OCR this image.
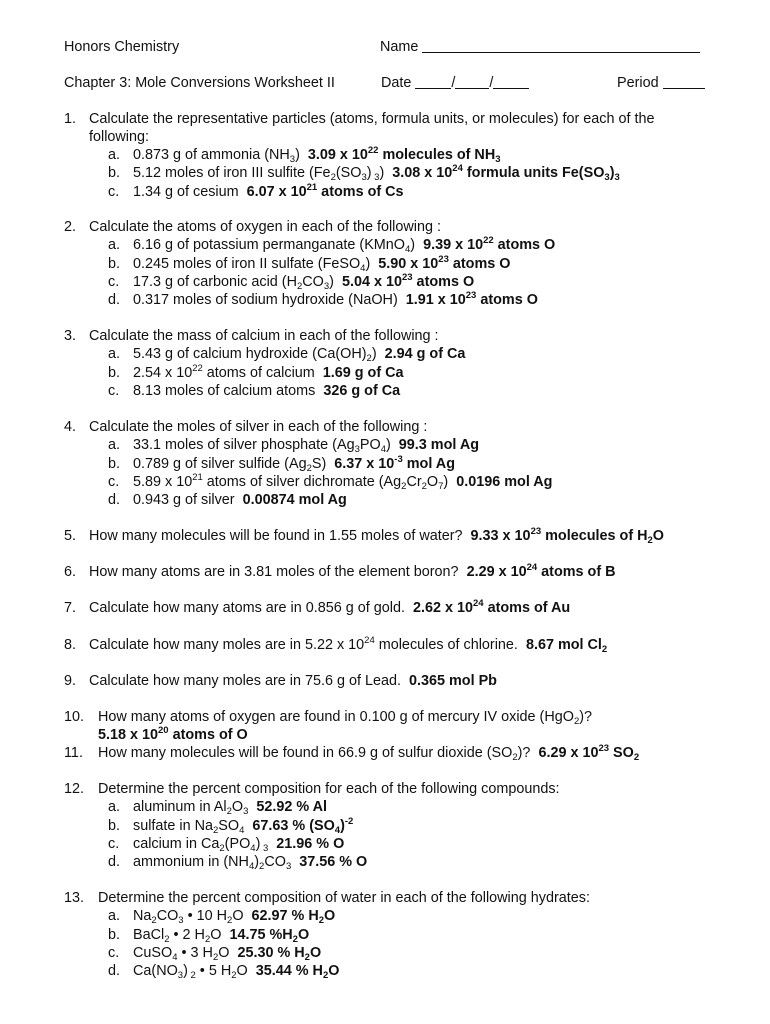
Honors Chemistry	Name
Chapter 3: Mole Conversions Worksheet II	Date	/ /	Period
1. Calculate the representative particles (atoms, formula units, or molecules) for each of the
following:
a. 0.873 g of ammonia $(NH_3)$ 3.09 x $10^{22}$ molecules of $NH_3$
b. 5.12 moles of iron III sulfite ($Fe_2(SO_3)$ $_3$) 3.08 x $10^{24}$ formula units $Fe(SO_3)_3$
c. 1.34 g of cesium 6.07 x $10^{21}$ atoms of Cs
2. Calculate the atoms of oxygen in each of the following :
a. 6.16 g of potassium permanganate (KMnO$_4$) 9.39 x $10^{22}$ atoms O
b. 0.245 moles of iron II sulfate (FeSO$_4$) 5.90 x $10^{23}$ atoms O
c. 17.3 g of carbonic acid $(H_2CO_3)$ 5.04 x $10^{23}$ atoms O
d. 0.317 moles of sodium hydroxide (NaOH) 1.91 x $10^{23}$ atoms O
3. Calculate the mass of calcium in each of the following :
a. 5.43 g of calcium hydroxide $(Ca(OH)_2)$ 2.94 g of Ca
b. 2.54 x $10^{22}$ atoms of calcium 1.69 g of Ca
c. 8.13 moles of calcium atoms 326 g of Ca
4. Calculate the moles of silver in each of the following :
a. 33.1 moles of silver phosphate $(Ag_3PO_4)$ 99.3 mol Ag
b. 0.789 g of silver sulfide $(Ag_2S)$ 6.37 x $10^{-3}$ mol Ag
c. 5.89 x $10^{21}$ atoms of silver dichromate $(Ag_2Cr_2O_7)$ 0.0196 mol Ag
d. 0.943 g of silver 0.00874 mol Ag
5. How many molecules will be found in 1.55 moles of water? 9.33 x $10^{23}$ molecules of $H_2O$
6. How many atoms are in 3.81 moles of the element boron? 2.29 x $10^{24}$ atoms of B
7. Calculate how many atoms are in 0.856 g of gold. 2.62 x $10^{24}$ atoms of Au
8. Calculate how many moles are in 5.22 x $10^{24}$ molecules of chlorine. 8.67 mol $Cl_2$
9. Calculate how many moles are in 75.6 g of Lead. 0.365 mol Pb
10. How many atoms of oxygen are found in 0.100 g of mercury IV oxide (HgO$_2$)?
5.18 x $10^{20}$ atoms of O
11. How many molecules will be found in 66.9 g of sulfur dioxide $(SO_2)$? 6.29 x $10^{23}$ $SO_2$
12. Determine the percent composition for each of the following compounds:
a. aluminum in $Al_2O_3$ 52.92 % Al
b. sulfate in $Na_2SO_4$ 67.63 % $(SO_4)^{-2}$
c. calcium in $Ca_2(PO_4)$ $_3$ 21.96 % O
d. ammonium in $(NH_4)_2CO_3$ 37.56 % O
13. Determine the percent composition of water in each of the following hydrates:
a. $Na_2CO_3$ • 10 $H_2O$ 62.97 % $H_2O$
b. BaCl$_2$ • 2 $H_2O$ 14.75 $\%H_2O$
c. CuSO$_4$ • 3 $H_2O$ 25.30 % $H_2O$
d. $Ca(NO_3)$ $_2$ • 5 $H_2O$ 35.44 % $H_2O$
